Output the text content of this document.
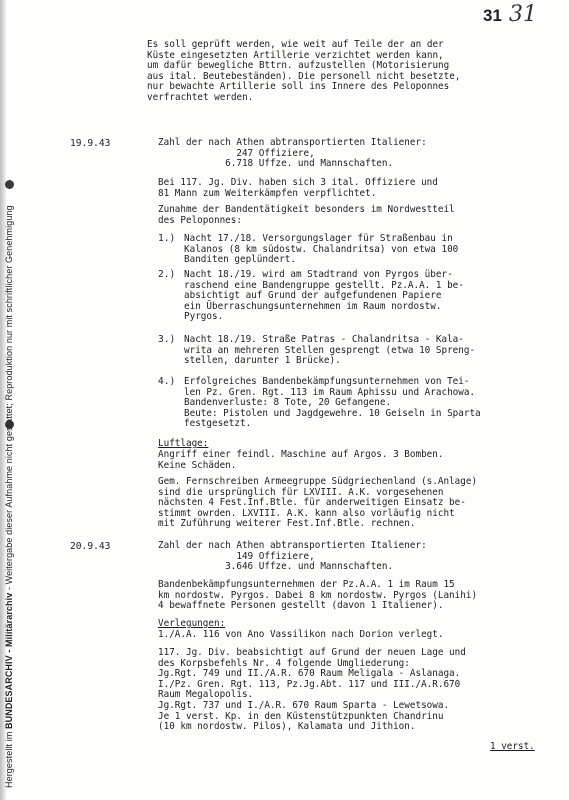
Hergestellt im BUNDESARCHIV - Militärarchiv - Weitergabe dieser Aufnahme nicht gestattet; Reproduktion nur mit schriftlicher Genehmigung
31 31
Es soll geprüft werden, wie weit auf Teile der an der
Küste eingesetzten Artillerie verzichtet werden kann,
um dafür bewegliche Bttrn. aufzustellen (Motorisierung
aus ital. Beutebeständen). Die personell nicht besetzte,
nur bewachte Artillerie soll ins Innere des Peloponnes
verfrachtet werden.
19.9.43	Zahl der nach Athen abtransportierten Italiener:
247 Offiziere,
6.718 Uffze. und Mannschaften.
Bei 117. Jg. Div. haben sich 3 ital. Offiziere und
81 Mann zum Weiterkämpfen verpflichtet.
Zunahme der Bandentätigkeit besonders im Nordwestteil
des Peloponnes:
1.) Nacht 17./18. Versorgungslager für Straßenbau in
Kalanos (8 km südostw. Chalandritsa) von etwa 100
Banditen geplündert.
2.) Nacht 18./19. wird am Stadtrand von Pyrgos über-
raschend eine Bandengruppe gestellt. Pz.A.A. 1 be-
absichtigt auf Grund der aufgefundenen Papiere
ein Überraschungsunternehmen im Raum nordostw.
Pyrgos.
3.) Nacht 18./19. Straße Patras - Chalandritsa - Kala-
writa an mehreren Stellen gesprengt (etwa 10 Spreng-
stellen, darunter 1 Brücke).
4.) Erfolgreiches Bandenbekämpfungsunternehmen von Tei-
len Pz. Gren. Rgt. 113 im Raum Aphissu und Arachowa.
Bandenverluste: 8 Tote, 20 Gefangene.
Beute: Pistolen und Jagdgewehre. 10 Geiseln in Sparta
festgesetzt.
Luftlage:
Angriff einer feindl. Maschine auf Argos. 3 Bomben.
Keine Schäden.
Gem. Fernschreiben Armeegruppe Südgriechenland (s.Anlage)
sind die ursprünglich für LXVIII. A.K. vorgesehenen
nächsten 4 Fest.Inf.Btle. für anderweitigen Einsatz be-
stimmt owrden. LXVIII. A.K. kann also vorläufig nicht
mit Zuführung weiterer Fest.Inf.Btle. rechnen.
20.9.43	Zahl der nach Athen abtransportierten Italiener:
149 Offiziere,
3.646 Uffze. und Mannschaften.
Bandenbekämpfungsunternehmen der Pz.A.A. 1 im Raum 15
km nordostw. Pyrgos. Dabei 8 km nordostw. Pyrgos (Lanihi)
4 bewaffnete Personen gestellt (davon 1 Italiener).
Verlegungen:
1./A.A. 116 von Ano Vassilikon nach Dorion verlegt.
117. Jg. Div. beabsichtigt auf Grund der neuen Lage und
des Korpsbefehls Nr. 4 folgende Umgliederung:
Jg.Rgt. 749 und II./A.R. 670 Raum Meligala - Aslanaga.
I./Pz. Gren. Rgt. 113, Pz.Jg.Abt. 117 und III./A.R.670
Raum Megalopolis.
Jg.Rgt. 737 und I./A.R. 670 Raum Sparta - Lewetsowa.
Je 1 verst. Kp. in den Küstenstützpunkten Chandrinu
(10 km nordostw. Pilos), Kalamata und Jithion.
1 verst.
